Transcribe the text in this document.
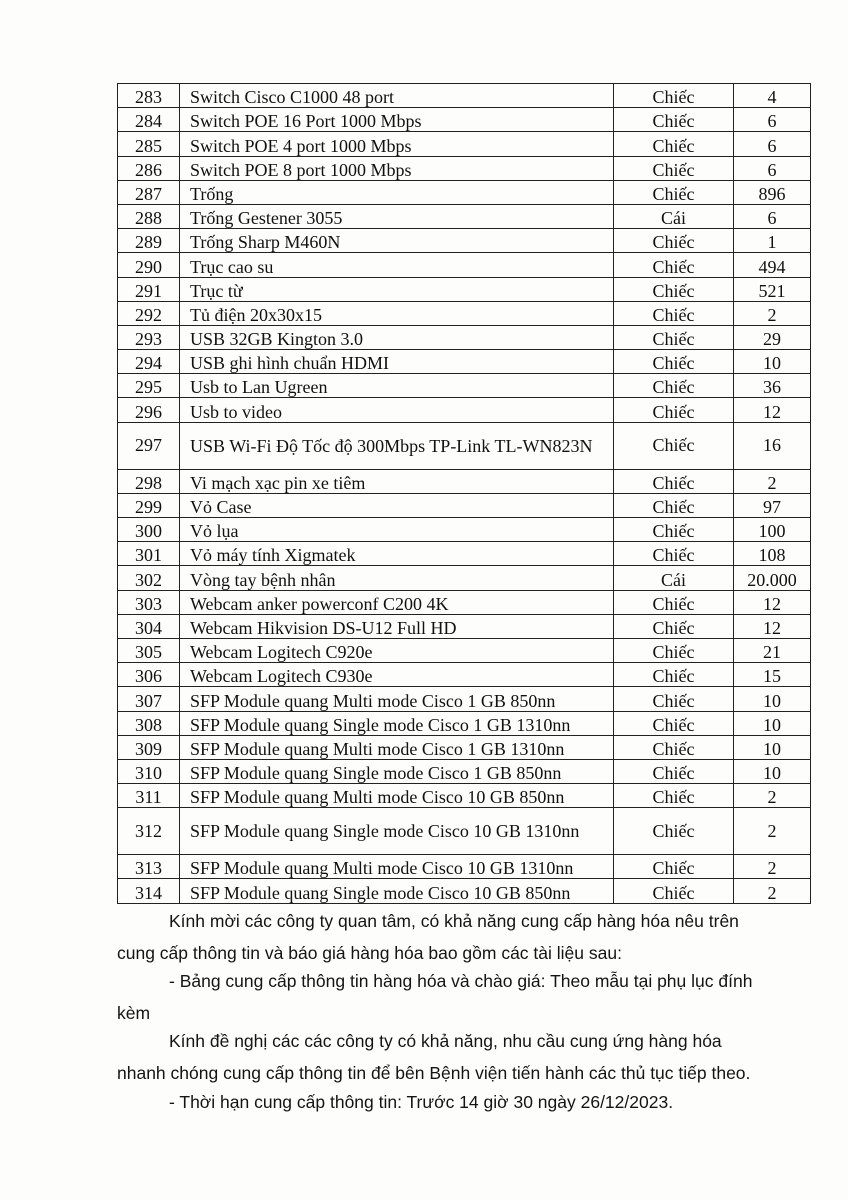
283	Switch Cisco C1000 48 port	Chiếc	4
284	Switch POE 16 Port 1000 Mbps	Chiếc	6
285	Switch POE 4 port 1000 Mbps	Chiếc	6
286	Switch POE 8 port 1000 Mbps	Chiếc	6
287	Trống	Chiếc	896
288	Trống Gestener 3055	Cái	6
289	Trống Sharp M460N	Chiếc	1
290	Trục cao su	Chiếc	494
291	Trục từ	Chiếc	521
292	Tủ điện 20x30x15	Chiếc	2
293	USB 32GB Kington 3.0	Chiếc	29
294	USB ghi hình chuẩn HDMI	Chiếc	10
295	Usb to Lan Ugreen	Chiếc	36
296	Usb to video	Chiếc	12
297	USB Wi-Fi Độ Tốc độ 300Mbps TP-Link TL-WN823N	Chiếc	16
298	Vi mạch xạc pin xe tiêm	Chiếc	2
299	Vỏ Case	Chiếc	97
300	Vỏ lụa	Chiếc	100
301	Vỏ máy tính Xigmatek	Chiếc	108
302	Vòng tay bệnh nhân	Cái	20.000
303	Webcam anker powerconf C200 4K	Chiếc	12
304	Webcam Hikvision DS-U12 Full HD	Chiếc	12
305	Webcam Logitech C920e	Chiếc	21
306	Webcam Logitech C930e	Chiếc	15
307	SFP Module quang Multi mode Cisco 1 GB 850nn	Chiếc	10
308	SFP Module quang Single mode Cisco 1 GB 1310nn	Chiếc	10
309	SFP Module quang Multi mode Cisco 1 GB 1310nn	Chiếc	10
310	SFP Module quang Single mode Cisco 1 GB 850nn	Chiếc	10
311	SFP Module quang Multi mode Cisco 10 GB 850nn	Chiếc	2
312	SFP Module quang Single mode Cisco 10 GB 1310nn	Chiếc	2
313	SFP Module quang Multi mode Cisco 10 GB 1310nn	Chiếc	2
314	SFP Module quang Single mode Cisco 10 GB 850nn	Chiếc	2
Kính mời các công ty quan tâm, có khả năng cung cấp hàng hóa nêu trên
cung cấp thông tin và báo giá hàng hóa bao gồm các tài liệu sau:
- Bảng cung cấp thông tin hàng hóa và chào giá: Theo mẫu tại phụ lục đính
kèm
Kính đề nghị các các công ty có khả năng, nhu cầu cung ứng hàng hóa
nhanh chóng cung cấp thông tin để bên Bệnh viện tiến hành các thủ tục tiếp theo.
- Thời hạn cung cấp thông tin: Trước 14 giờ 30 ngày 26/12/2023.
